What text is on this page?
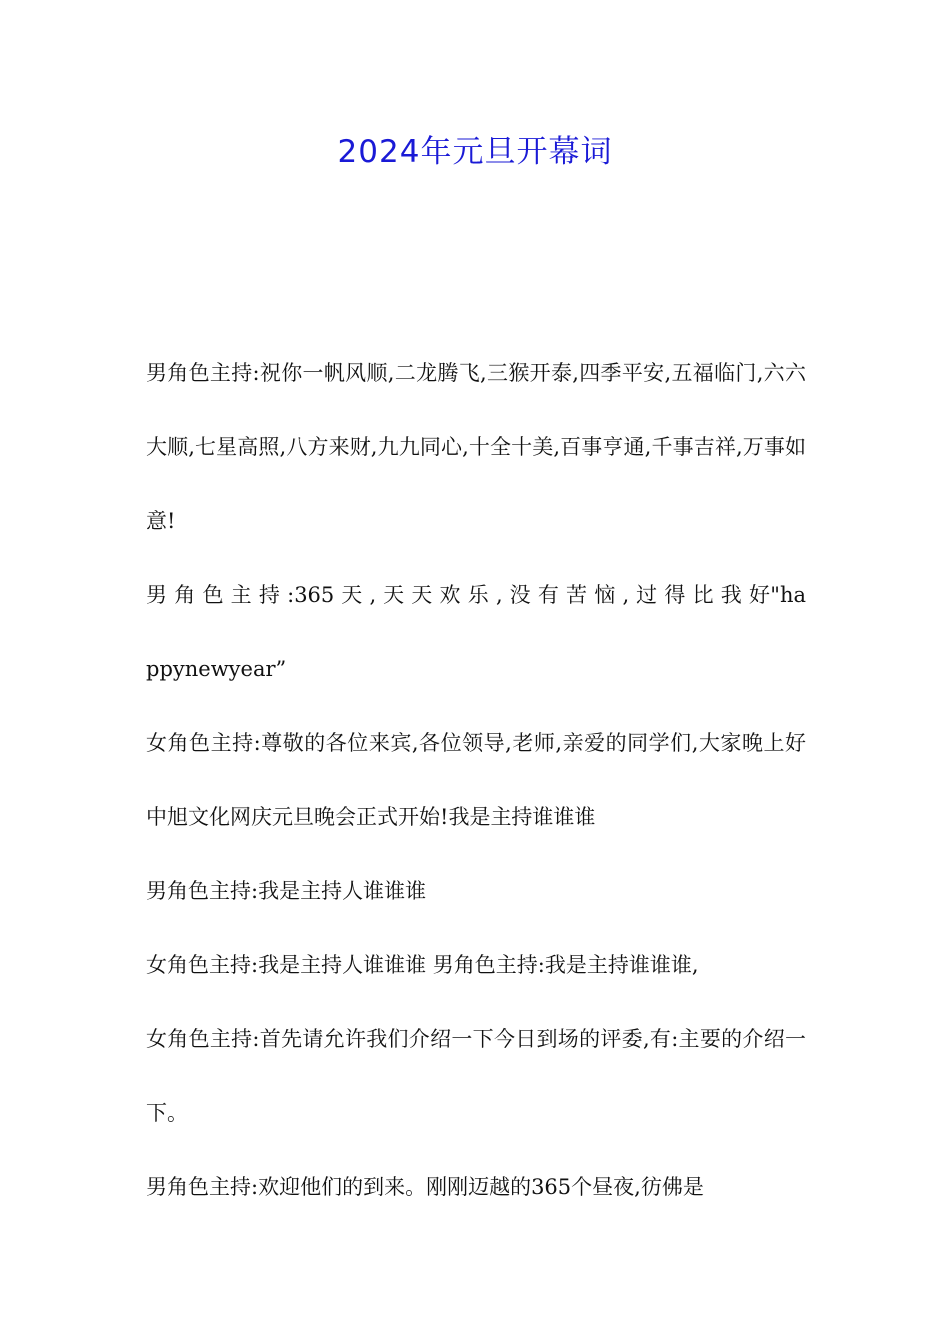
2024年元旦开幕词

男角色主持:祝你一帆风顺,二龙腾飞,三猴开泰,四季平安,五福临门,六六大顺,七星高照,八方来财,九九同心,十全十美,百事亨通,千事吉祥,万事如意!

男 角 色 主 持 :365 天 , 天 天 欢 乐 , 没 有 苦 恼 , 过 得 比 我 好"happynewyear”

女角色主持:尊敬的各位来宾,各位领导,老师,亲爱的同学们,大家晚上好中旭文化网庆元旦晚会正式开始!我是主持谁谁谁

男角色主持:我是主持人谁谁谁

女角色主持:我是主持人谁谁谁 男角色主持:我是主持谁谁谁,

女角色主持:首先请允许我们介绍一下今日到场的评委,有:主要的介绍一下。

男角色主持:欢迎他们的到来。刚刚迈越的365个昼夜,彷佛是
